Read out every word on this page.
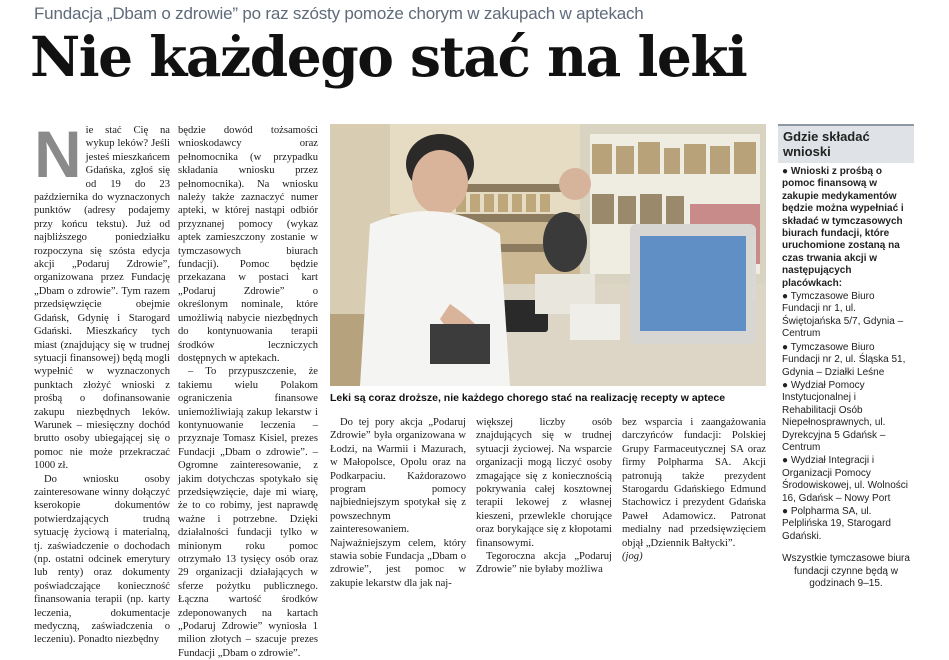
Fundacja „Dbam o zdrowie” po raz szósty pomoże chorym w zakupach w aptekach
Nie każdego stać na leki
N ie stać Cię na wykup leków? Jeśli jesteś mieszkańcem Gdańska, zgłoś się od 19 do 23 października do wyznaczonych punktów (adresy podajemy przy końcu tekstu). Już od najbliższego poniedziałku rozpoczyna się szósta edycja akcji „Podaruj Zdrowie”, organizowana przez Fundację „Dbam o zdrowie”. Tym razem przedsięwzięcie obejmie Gdańsk, Gdynię i Starogard Gdański. Mieszkańcy tych miast (znajdujący się w trudnej sytuacji finansowej) będą mogli wypełnić w wyznaczonych punktach złożyć wnioski z prośbą o dofinansowanie zakupu niezbędnych leków. Warunek – miesięczny dochód brutto osoby ubiegającej się o pomoc nie może przekraczać 1000 zł.

Do wniosku osoby zainteresowane winny dołączyć kserokopie dokumentów potwierdzających trudną sytuację życiową i materialną, tj. zaświadczenie o dochodach (np. ostatni odcinek emerytury lub renty) oraz dokumenty poświadczające konieczność finansowania terapii (np. karty leczenia, dokumentacje medyczną, zaświadczenia o leczeniu). Ponadto niezbędny

będzie dowód tożsamości wnioskodawcy oraz pełnomocnika (w przypadku składania wniosku przez pełnomocnika). Na wniosku należy także zaznaczyć numer apteki, w której nastąpi odbiór przyznanej pomocy (wykaz aptek zamieszczony zostanie w tymczasowych biurach fundacji). Pomoc będzie przekazana w postaci kart „Podaruj Zdrowie” o określonym nominale, które umożliwią nabycie niezbędnych do kontynuowania terapii środków leczniczych dostępnych w aptekach.

– To przypuszczenie, że takiemu wielu Polakom ograniczenia finansowe uniemożliwiają zakup lekarstw i kontynuowanie leczenia – przyznaje Tomasz Kisiel, prezes Fundacji „Dbam o zdrowie”. – Ogromne zainteresowanie, z jakim dotychczas spotykało się przedsięwzięcie, daje mi wiarę, że to co robimy, jest naprawdę ważne i potrzebne. Dzięki działalności fundacji tylko w minionym roku pomoc otrzymało 13 tysięcy osób oraz 29 organizacji działających w sferze pożytku publicznego. Łączna wartość środków zdeponowanych na kartach „Podaruj Zdrowie” wyniosła 1 milion złotych – szacuje prezes Fundacji „Dbam o zdrowie”.

FOTO: ŁUKASZ PIEKARSKI
Leki są coraz droższe, nie każdego chorego stać na realizację recepty w aptece

Do tej pory akcja „Podaruj Zdrowie” była organizowana w Łodzi, na Warmii i Mazurach, w Małopolsce, Opolu oraz na Podkarpaciu. Każdorazowo program pomocy najbiedniejszym spotykał się z powszechnym zainteresowaniem. Najważniejszym celem, który stawia sobie Fundacja „Dbam o zdrowie”, jest pomoc w zakupie lekarstw dla jak naj-

większej liczby osób znajdujących się w trudnej sytuacji życiowej. Na wsparcie organizacji mogą liczyć osoby zmagające się z koniecznością pokrywania całej kosztownej terapii lekowej z własnej kieszeni, przewlekle chorujące oraz borykające się z kłopotami finansowymi.

Tegoroczna akcja „Podaruj Zdrowie” nie byłaby możliwa

bez wsparcia i zaangażowania darczyńców fundacji: Polskiej Grupy Farmaceutycznej SA oraz firmy Polpharma SA. Akcji patronują także prezydent Starogardu Gdańskiego Edmund Stachowicz i prezydent Gdańska Paweł Adamowicz. Patronat medialny nad przedsięwzięciem objął „Dziennik Bałtycki”.

(jog)

Gdzie składać wnioski

● Wnioski z prośbą o pomoc finansową w zakupie medykamentów będzie można wypełniać i składać w tymczasowych biurach fundacji, które uruchomione zostaną na czas trwania akcji w następujących placówkach:

● Tymczasowe Biuro Fundacji nr 1, ul. Świętojańska 5/7, Gdynia – Centrum

● Tymczasowe Biuro Fundacji nr 2, ul. Śląska 51, Gdynia – Działki Leśne

● Wydział Pomocy Instytucjonalnej i Rehabilitacji Osób Niepełnosprawnych, ul. Dyrekcyjna 5 Gdańsk – Centrum

● Wydział Integracji i Organizacji Pomocy Środowiskowej, ul. Wolności 16, Gdańsk – Nowy Port

● Polpharma SA, ul. Pelplińska 19, Starogard Gdański.

Wszystkie tymczasowe biura fundacji czynne będą w godzinach 9–15.
